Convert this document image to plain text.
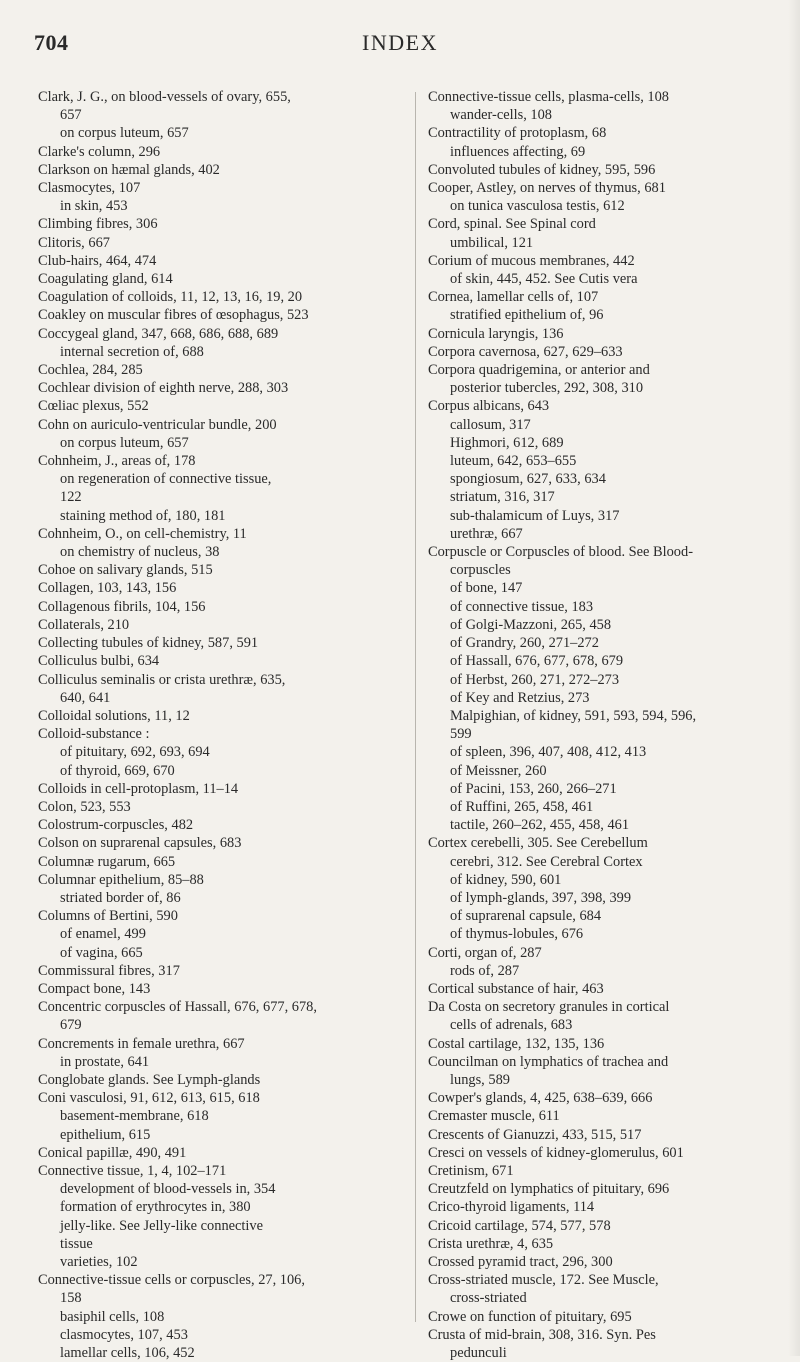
704	INDEX
Clark, J. G., on blood-vessels of ovary, 655,
657
on corpus luteum, 657
Clarke's column, 296
Clarkson on hæmal glands, 402
Clasmocytes, 107
in skin, 453
Climbing fibres, 306
Clitoris, 667
Club-hairs, 464, 474
Coagulating gland, 614
Coagulation of colloids, 11, 12, 13, 16, 19, 20
Coakley on muscular fibres of œsophagus, 523
Coccygeal gland, 347, 668, 686, 688, 689
internal secretion of, 688
Cochlea, 284, 285
Cochlear division of eighth nerve, 288, 303
Cœliac plexus, 552
Cohn on auriculo-ventricular bundle, 200
on corpus luteum, 657
Cohnheim, J., areas of, 178
on regeneration of connective tissue,
122
staining method of, 180, 181
Cohnheim, O., on cell-chemistry, 11
on chemistry of nucleus, 38
Cohoe on salivary glands, 515
Collagen, 103, 143, 156
Collagenous fibrils, 104, 156
Collaterals, 210
Collecting tubules of kidney, 587, 591
Colliculus bulbi, 634
Colliculus seminalis or crista urethræ, 635,
640, 641
Colloidal solutions, 11, 12
Colloid-substance :
of pituitary, 692, 693, 694
of thyroid, 669, 670
Colloids in cell-protoplasm, 11–14
Colon, 523, 553
Colostrum-corpuscles, 482
Colson on suprarenal capsules, 683
Columnæ rugarum, 665
Columnar epithelium, 85–88
striated border of, 86
Columns of Bertini, 590
of enamel, 499
of vagina, 665
Commissural fibres, 317
Compact bone, 143
Concentric corpuscles of Hassall, 676, 677, 678,
679
Concrements in female urethra, 667
in prostate, 641
Conglobate glands. See Lymph-glands
Coni vasculosi, 91, 612, 613, 615, 618
basement-membrane, 618
epithelium, 615
Conical papillæ, 490, 491
Connective tissue, 1, 4, 102–171
development of blood-vessels in, 354
formation of erythrocytes in, 380
jelly-like. See Jelly-like connective
tissue
varieties, 102
Connective-tissue cells or corpuscles, 27, 106,
158
basiphil cells, 108
clasmocytes, 107, 453
lamellar cells, 106, 452
Connective-tissue cells, plasma-cells, 108
wander-cells, 108
Contractility of protoplasm, 68
influences affecting, 69
Convoluted tubules of kidney, 595, 596
Cooper, Astley, on nerves of thymus, 681
on tunica vasculosa testis, 612
Cord, spinal. See Spinal cord
umbilical, 121
Corium of mucous membranes, 442
of skin, 445, 452. See Cutis vera
Cornea, lamellar cells of, 107
stratified epithelium of, 96
Cornicula laryngis, 136
Corpora cavernosa, 627, 629–633
Corpora quadrigemina, or anterior and
posterior tubercles, 292, 308, 310
Corpus albicans, 643
callosum, 317
Highmori, 612, 689
luteum, 642, 653–655
spongiosum, 627, 633, 634
striatum, 316, 317
sub-thalamicum of Luys, 317
urethræ, 667
Corpuscle or Corpuscles of blood. See Blood-
corpuscles
of bone, 147
of connective tissue, 183
of Golgi-Mazzoni, 265, 458
of Grandry, 260, 271–272
of Hassall, 676, 677, 678, 679
of Herbst, 260, 271, 272–273
of Key and Retzius, 273
Malpighian, of kidney, 591, 593, 594, 596,
599
of spleen, 396, 407, 408, 412, 413
of Meissner, 260
of Pacini, 153, 260, 266–271
of Ruffini, 265, 458, 461
tactile, 260–262, 455, 458, 461
Cortex cerebelli, 305. See Cerebellum
cerebri, 312. See Cerebral Cortex
of kidney, 590, 601
of lymph-glands, 397, 398, 399
of suprarenal capsule, 684
of thymus-lobules, 676
Corti, organ of, 287
rods of, 287
Cortical substance of hair, 463
Da Costa on secretory granules in cortical
cells of adrenals, 683
Costal cartilage, 132, 135, 136
Councilman on lymphatics of trachea and
lungs, 589
Cowper's glands, 4, 425, 638–639, 666
Cremaster muscle, 611
Crescents of Gianuzzi, 433, 515, 517
Cresci on vessels of kidney-glomerulus, 601
Cretinism, 671
Creutzfeld on lymphatics of pituitary, 696
Crico-thyroid ligaments, 114
Cricoid cartilage, 574, 577, 578
Crista urethræ, 4, 635
Crossed pyramid tract, 296, 300
Cross-striated muscle, 172. See Muscle,
cross-striated
Crowe on function of pituitary, 695
Crusta of mid-brain, 308, 316. Syn. Pes
pedunculi
